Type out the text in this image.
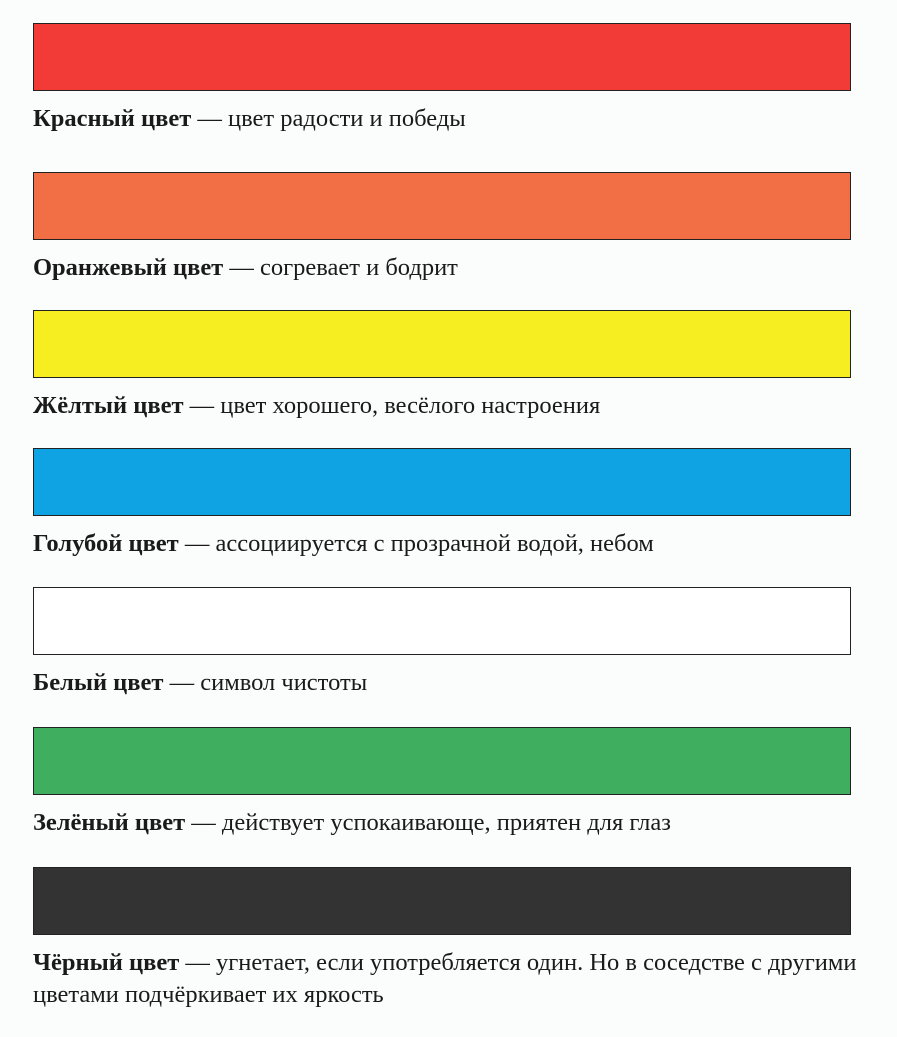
Красный цвет — цвет радости и победы
Оранжевый цвет — согревает и бодрит
Жёлтый цвет — цвет хорошего, весёлого настроения
Голубой цвет — ассоциируется с прозрачной водой, небом
Белый цвет — символ чистоты
Зелёный цвет — действует успокаивающе, приятен для глаз
Чёрный цвет — угнетает, если употребляется один. Но в соседстве с другими цветами подчёркивает их яркость
